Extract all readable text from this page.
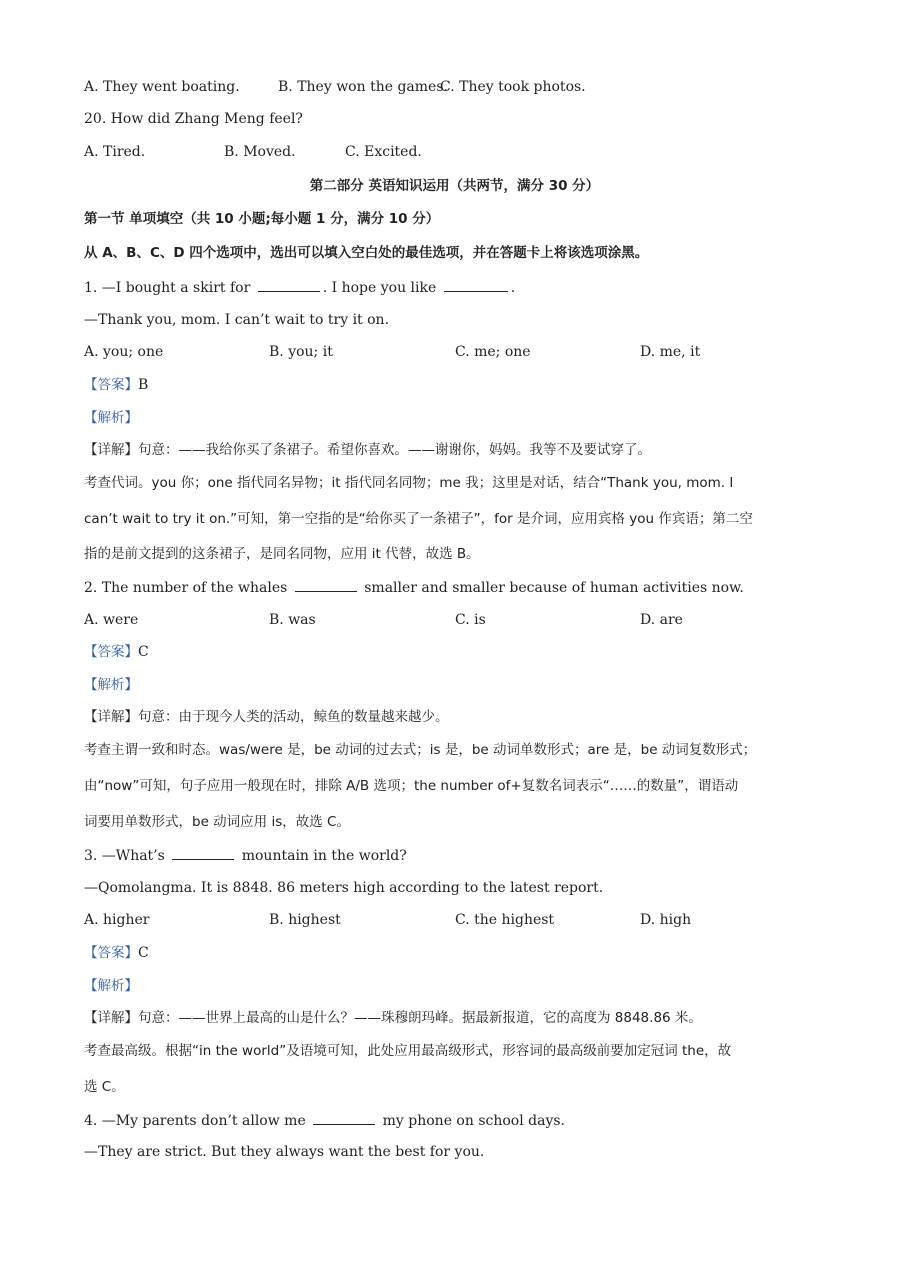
A. They went boating.	B. They won the games.
C. They took photos.
20. How did Zhang Meng feel?
A. Tired.	B. Moved.	C. Excited.
第二部分 英语知识运用（共两节，满分 30 分）
第一节 单项填空（共 10 小题;每小题 1 分，满分 10 分）
从 A、B、C、D 四个选项中，选出可以填入空白处的最佳选项，并在答题卡上将该选项涂黑。
1. —I bought a skirt for	. I hope you like	.
—Thank you, mom. I can’t wait to try it on.
A. you; one	B. you; it	C. me; one	D. me, it
【答案】B
【解析】
【详解】句意：——我给你买了条裙子。希望你喜欢。——谢谢你，妈妈。我等不及要试穿了。
考查代词。you 你；one 指代同名异物；it 指代同名同物；me 我；这里是对话，结合“Thank you, mom. I
can’t wait to try it on.”可知，第一空指的是“给你买了一条裙子”，for 是介词，应用宾格 you 作宾语；第二空
指的是前文提到的这条裙子，是同名同物，应用 it 代替，故选 B。
2. The number of the whales	smaller and smaller because of human activities now.
A. were	B. was	C. is	D. are
【答案】C
【解析】
【详解】句意：由于现今人类的活动，鲸鱼的数量越来越少。
考查主谓一致和时态。was/were 是，be 动词的过去式；is 是，be 动词单数形式；are 是，be 动词复数形式；
由“now”可知，句子应用一般现在时，排除 A/B 选项；the number of+复数名词表示“……的数量”，谓语动
词要用单数形式，be 动词应用 is，故选 C。
3. —What’s	mountain in the world?
—Qomolangma. It is 8848. 86 meters high according to the latest report.
A. higher	B. highest	C. the highest	D. high
【答案】C
【解析】
【详解】句意：——世界上最高的山是什么？——珠穆朗玛峰。据最新报道，它的高度为 8848.86 米。
考查最高级。根据“in the world”及语境可知，此处应用最高级形式，形容词的最高级前要加定冠词 the，故
选 C。
4. —My parents don’t allow me	my phone on school days.
—They are strict. But they always want the best for you.
